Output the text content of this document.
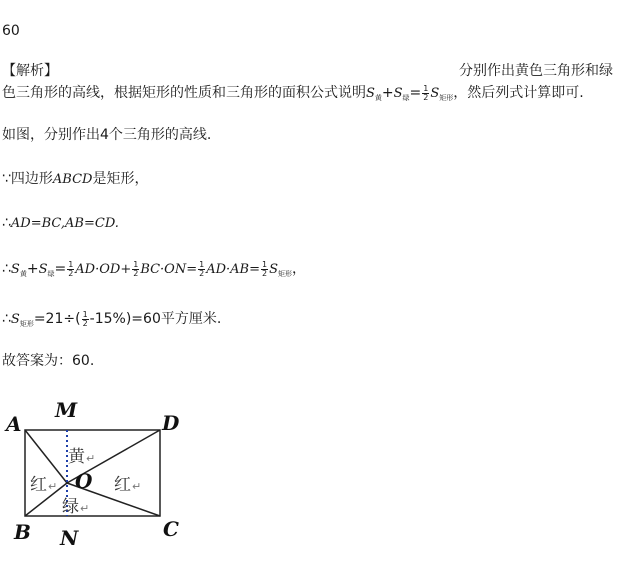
60
【解析】	分别作出黄色三角形和绿
色三角形的高线，根据矩形的性质和三角形的面积公式说明$S_黄+S_绿= \frac{1}{2} S_{矩形}$，然后列式计算即可.
如图，分别作出4个三角形的高线.
∵四边形ABCD是矩形，
∴AD=BC,AB=CD.
$\therefore S_黄+S_绿= \frac{1}{2} AD\cdot OD+ \frac{1}{2} BC\cdot ON= \frac{1}{2} AD\cdot AB= \frac{1}{2} S_{矩形}$，
$\therefore S_{矩形}=21\div( \frac{1}{2} -15\%)=60$平方厘米.
故答案为：60.
M
A	D
O
B	C
N
黄 ↵
红 ↵	红 ↵
绿 ↵
